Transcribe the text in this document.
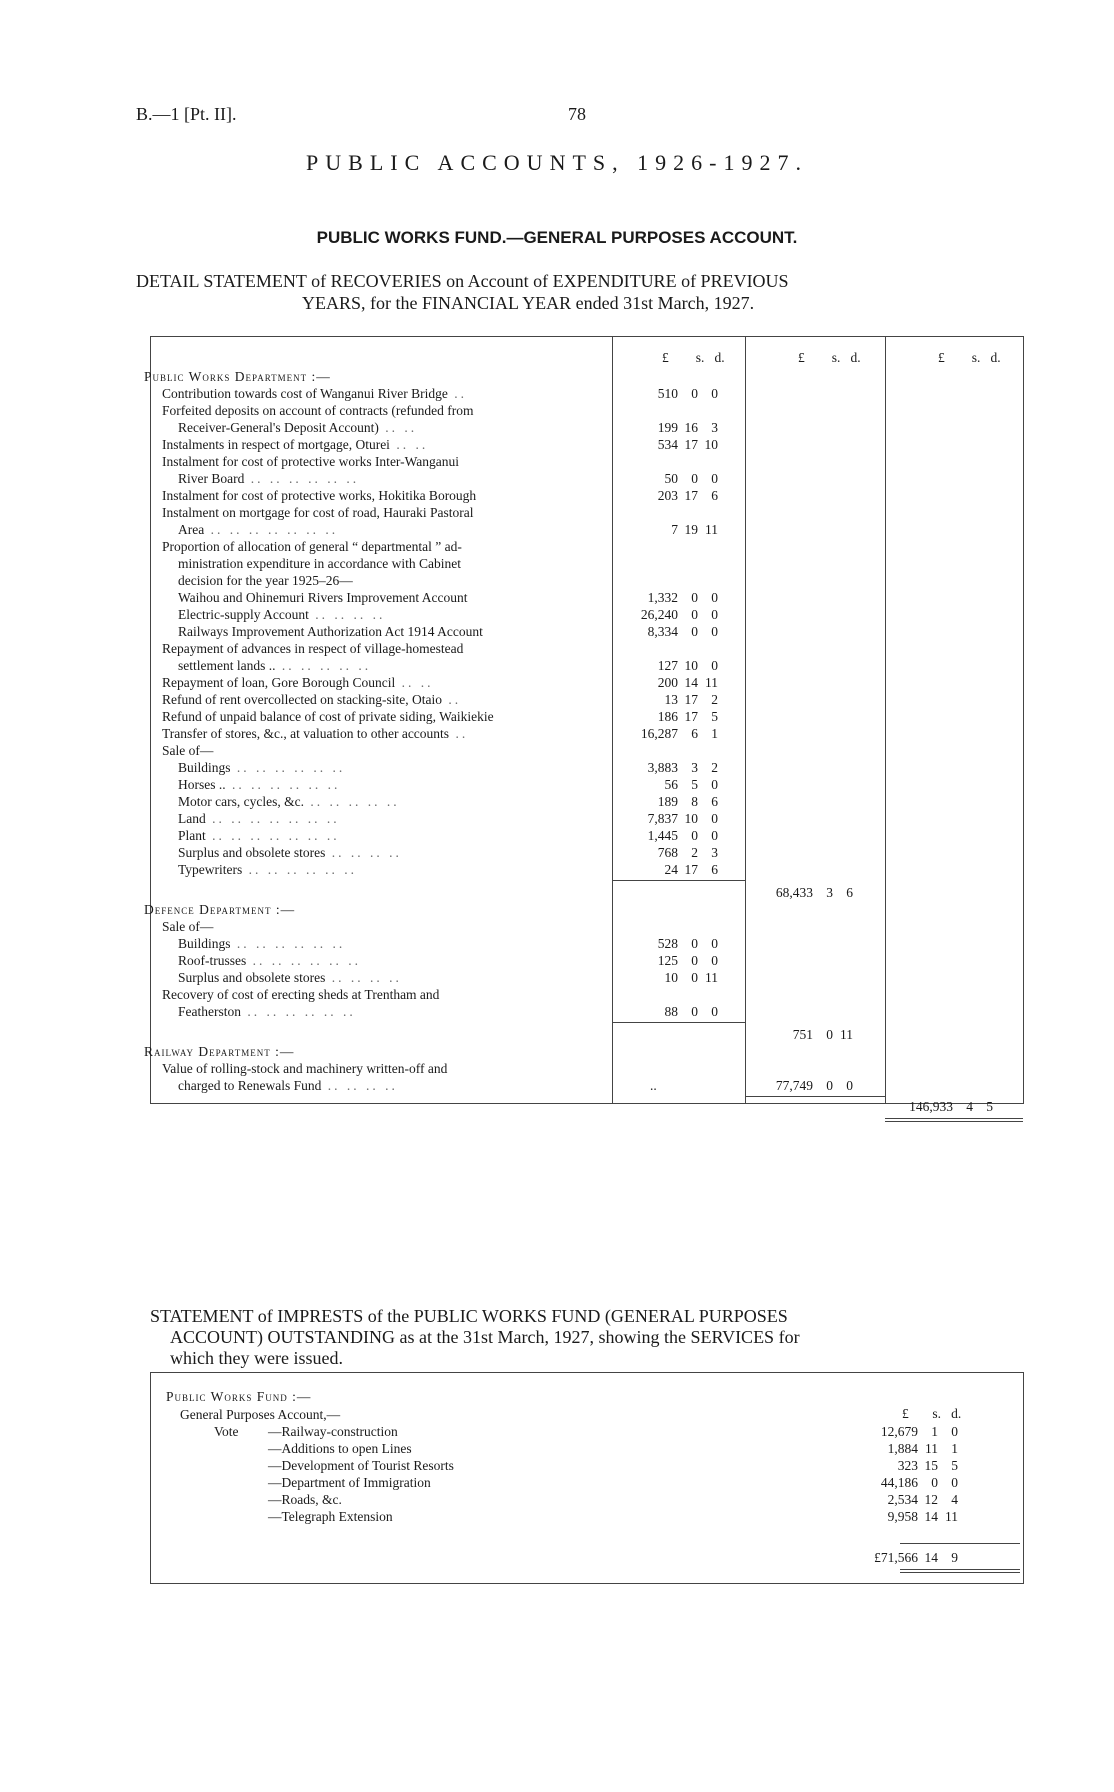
B.—1 [Pt. II].	78
PUBLIC ACCOUNTS, 1926-1927.
PUBLIC WORKS FUND.—GENERAL PURPOSES ACCOUNT.
DETAIL STATEMENT of RECOVERIES on Account of EXPENDITURE of PREVIOUS
YEARS, for the FINANCIAL YEAR ended 31st March, 1927.
£ s. d.	£ s. d.	£ s. d.
Public Works Department :—
Contribution towards cost of Wanganui River Bridge ..	510 0 0
Forfeited deposits on account of contracts (refunded from
Receiver-General's Deposit Account) .. ..	199 16 3
Instalments in respect of mortgage, Oturei .. ..	534 17 10
Instalment for cost of protective works Inter-Wanganui
River Board .. .. .. .. .. ..	50 0 0
Instalment for cost of protective works, Hokitika Borough	203 17 6
Instalment on mortgage for cost of road, Hauraki Pastoral
Area .. .. .. .. .. .. ..	7 19 11
Proportion of allocation of general “ departmental ” ad-
ministration expenditure in accordance with Cabinet
decision for the year 1925–26—
Waihou and Ohinemuri Rivers Improvement Account	1,332 0 0
Electric-supply Account .. .. .. ..	26,240 0 0
Railways Improvement Authorization Act 1914 Account	8,334 0 0
Repayment of advances in respect of village-homestead
settlement lands .. .. .. .. .. ..	127 10 0
Repayment of loan, Gore Borough Council .. ..	200 14 11
Refund of rent overcollected on stacking-site, Otaio ..	13 17 2
Refund of unpaid balance of cost of private siding, Waikiekie	186 17 5
Transfer of stores, &c., at valuation to other accounts ..	16,287 6 1
Sale of—
Buildings .. .. .. .. .. ..	3,883 3 2
Horses .. .. .. .. .. .. ..	56 5 0
Motor cars, cycles, &c. .. .. .. .. ..	189 8 6
Land .. .. .. .. .. .. ..	7,837 10 0
Plant .. .. .. .. .. .. ..	1,445 0 0
Surplus and obsolete stores .. .. .. ..	768 2 3
Typewriters .. .. .. .. .. ..	24 17 6
68,433 3 6
Defence Department :—
Sale of—
Buildings .. .. .. .. .. ..	528 0 0
Roof-trusses .. .. .. .. .. ..	125 0 0
Surplus and obsolete stores .. .. .. ..	10 0 11
Recovery of cost of erecting sheds at Trentham and
Featherston .. .. .. .. .. ..	88 0 0
751 0 11
Railway Department :—
Value of rolling-stock and machinery written-off and
charged to Renewals Fund .. .. .. ..	..	77,749 0 0
146,933 4 5
STATEMENT of IMPRESTS of the PUBLIC WORKS FUND (GENERAL PURPOSES
ACCOUNT) OUTSTANDING as at the 31st March, 1927, showing the SERVICES for
which they were issued.
Public Works Fund :—
General Purposes Account,—	£ s. d.
Vote —Railway-construction	12,679 1 0
—Additions to open Lines	1,884 11 1
—Development of Tourist Resorts	323 15 5
—Department of Immigration	44,186 0 0
—Roads, &c.	2,534 12 4
—Telegraph Extension	9,958 14 11
£71,566 14 9
